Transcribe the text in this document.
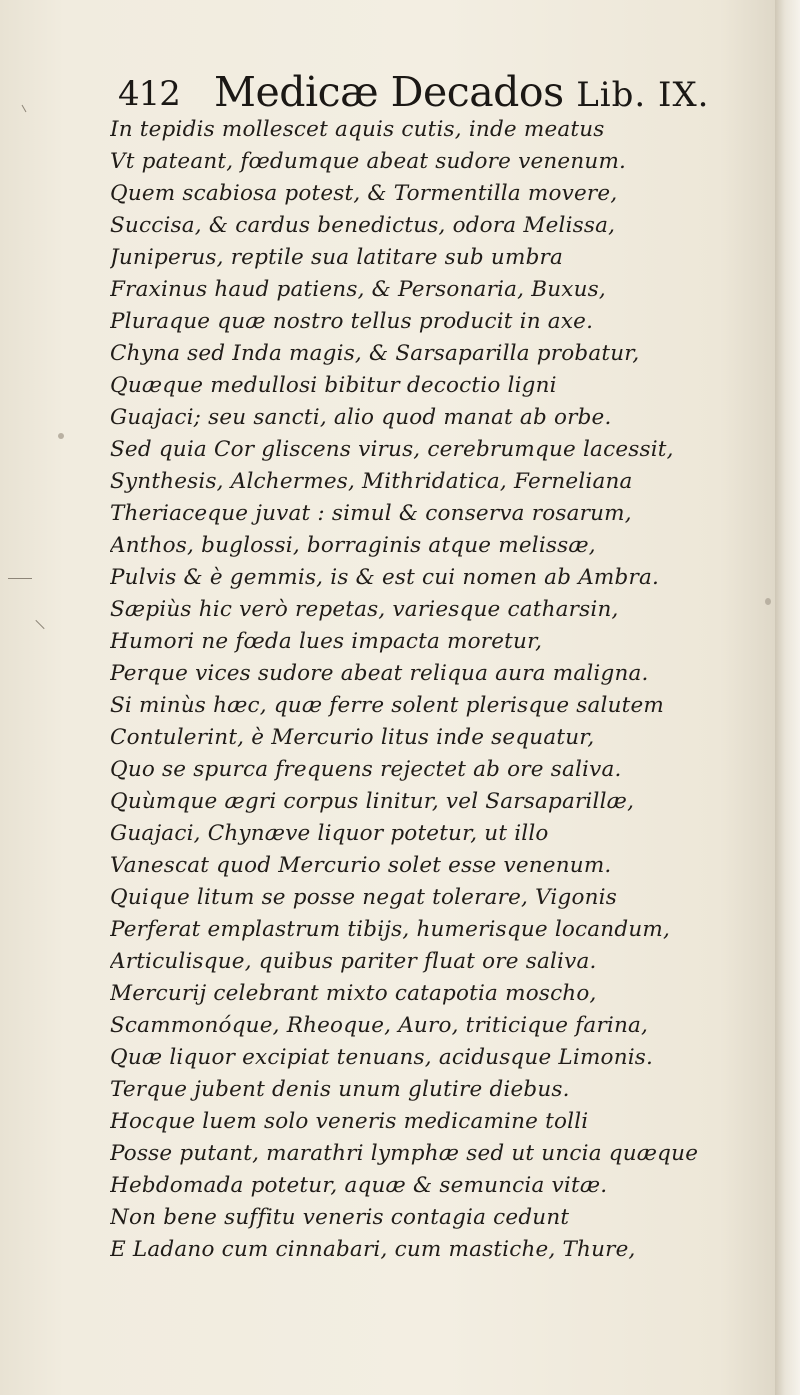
412 Medicæ Decados Lib. IX.
In tepidis mollescet aquis cutis, inde meatus
Vt pateant, fœdumque abeat sudore venenum.
Quem scabiosa potest, & Tormentilla movere,
Succisa, & cardus benedictus, odora Melissa,
Juniperus, reptile sua latitare sub umbra
Fraxinus haud patiens, & Personaria, Buxus,
Pluraque quæ nostro tellus producit in axe.
Chyna sed Inda magis, & Sarsaparilla probatur,
Quæque medullosi bibitur decoctio ligni
Guajaci; seu sancti, alio quod manat ab orbe.
Sed quia Cor gliscens virus, cerebrumque lacessit,
Synthesis, Alchermes, Mithridatica, Ferneliana
Theriaceque juvat : simul & conserva rosarum,
Anthos, buglossi, borraginis atque melissæ,
Pulvis & è gemmis, is & est cui nomen ab Ambra.
Sæpiùs hic verò repetas, variesque catharsin,
Humori ne fœda lues impacta moretur,
Perque vices sudore abeat reliqua aura maligna.
Si minùs hæc, quæ ferre solent plerisque salutem
Contulerint, è Mercurio litus inde sequatur,
Quo se spurca frequens rejectet ab ore saliva.
Quùmque ægri corpus linitur, vel Sarsaparillæ,
Guajaci, Chynæve liquor potetur, ut illo
Vanescat quod Mercurio solet esse venenum.
Quique litum se posse negat tolerare, Vigonis
Perferat emplastrum tibijs, humerisque locandum,
Articulisque, quibus pariter fluat ore saliva.
Mercurij celebrant mixto catapotia moscho,
Scammonóque, Rheoque, Auro, triticique farina,
Quæ liquor excipiat tenuans, acidusque Limonis.
Terque jubent denis unum glutire diebus.
Hocque luem solo veneris medicamine tolli
Posse putant, marathri lymphæ sed ut uncia quæque
Hebdomada potetur, aquæ & semuncia vitæ.
Non bene suffitu veneris contagia cedunt
E Ladano cum cinnabari, cum mastiche, Thure,
